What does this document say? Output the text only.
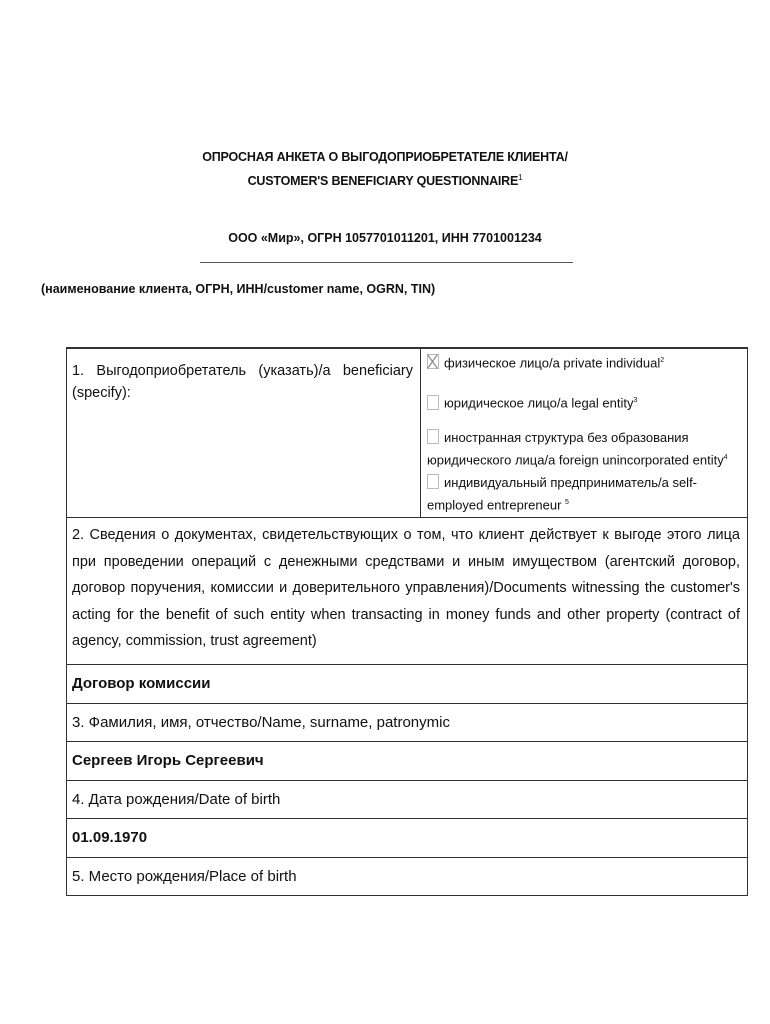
ОПРОСНАЯ АНКЕТА О ВЫГОДОПРИОБРЕТАТЕЛЕ КЛИЕНТА/
CUSTOMER'S BENEFICIARY QUESTIONNAIRE$^1$
ООО «Мир», ОГРН 1057701011201, ИНН 7701001234
(наименование клиента, ОГРН, ИНН/customer name, OGRN, TIN)
1. Выгодоприобретатель (указать)/a beneficiary (specify):
физическое лицо/a private individual$^2$
юридическое лицо/a legal entity$^3$
иностранная структура без образования юридического лица/a foreign unincorporated entity$^4$
индивидуальный предприниматель/a self-employed entrepreneur $^5$
2. Сведения о документах, свидетельствующих о том, что клиент действует к выгоде этого лица при проведении операций с денежными средствами и иным имуществом (агентский договор, договор поручения, комиссии и доверительного управления)/Documents witnessing the customer's acting for the benefit of such entity when transacting in money funds and other property (contract of agency, commission, trust agreement)
Договор комиссии
3. Фамилия, имя, отчество/Name, surname, patronymic
Сергеев Игорь Сергеевич
4. Дата рождения/Date of birth
01.09.1970
5. Место рождения/Place of birth
